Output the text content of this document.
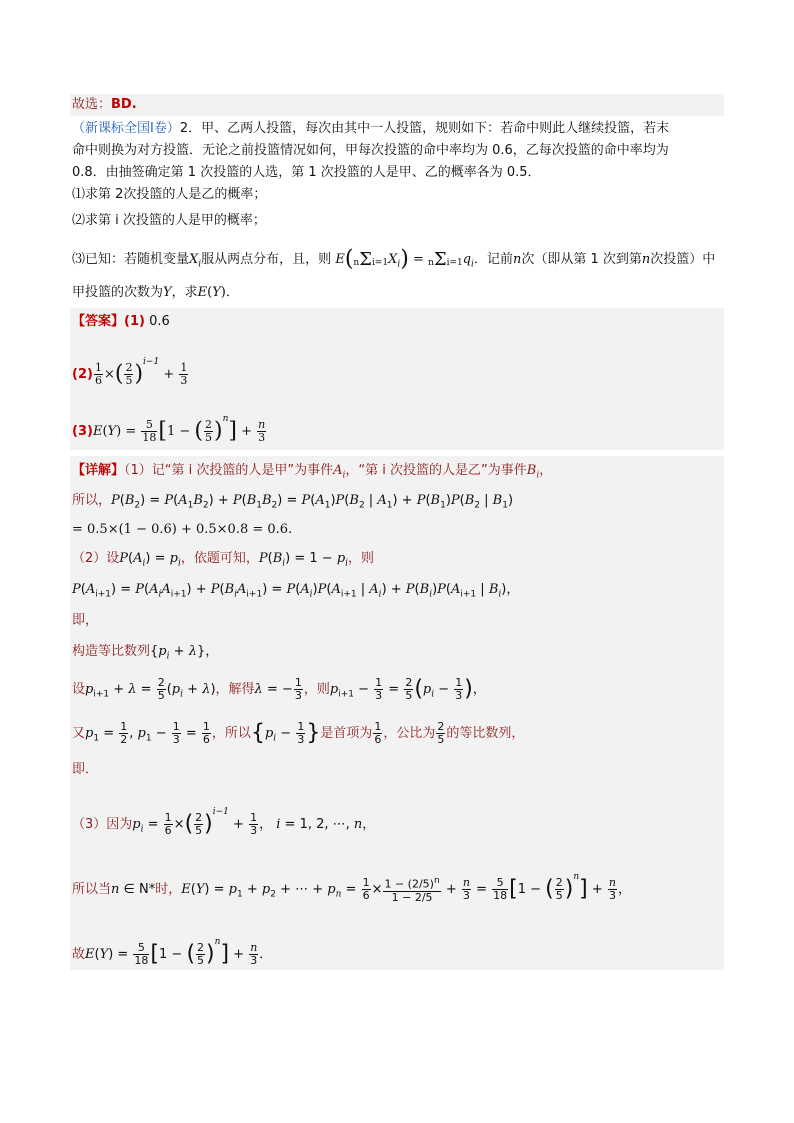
故选：BD.
（新课标全国Ⅰ卷）2．甲、乙两人投篮，每次由其中一人投篮，规则如下：若命中则此人继续投篮，若末
命中则换为对方投篮．无论之前投篮情况如何，甲每次投篮的命中率均为 0.6，乙每次投篮的命中率均为
0.8．由抽签确定第 1 次投篮的人选，第 1 次投篮的人是甲、乙的概率各为 0.5．
⑴求第 2次投篮的人是乙的概率；
⑵求第 i 次投篮的人是甲的概率；
⑶已知：若随机变量$X_i$服从两点分布，且，则 $E(n\Sigma i=1X_i) = n\Sigma i=1q_i$．记前n次（即从第 1 次到第n次投篮）中
甲投篮的次数为Y，求E(Y)．
【答案】(1) 0.6
$(2) \frac{1}{6}$ ×( $\frac{2}{5} )^{i-1} + \frac{1}{3}$
$(3)E(Y) = \frac{5}{18} [1$ − ( $\frac{2}{5} )^n] + \frac{n}{3}$
【详解】（1）记“第 i 次投篮的人是甲”为事件$A_i$，“第 i 次投篮的人是乙”为事件$B_i$，
所以，$P(B_2) = P(A_1B_2) + P(B_1B_2) = P(A_1)P(B_2$ | $A_1) + P(B_1)P(B_2$ | $B_1$)
= 0.5×(1 − 0.6) + 0.5×0.8 = 0.6.
（2）设$P(A_i) = p_i$，依题可知，$P(B_i) = 1 - p_i$，则
$P(A_{i+1}) = P(A_iA_{i+1}) + P(B_iA_{i+1}) = P(A_i)P(A_{i+1}$ | $A_i) + P(B_i)P(A_{i+1}$ | $B_i$)，
即，
构造等比数列$\{p_i + \lambda\}$，
设$p_{i+1} + \lambda = \frac{2}{5} (p_i + \lambda)$，解得λ = − $\frac{1}{3}$ ，则$p_{i+1} - \frac{1}{3} = \frac{2}{5} (p_i - \frac{1}{3}$ )，
又$p_1 = \frac{1}{2}$ , $p_1 - \frac{1}{3} = \frac{1}{6}$ ，所以{$p_i - \frac{1}{3}$ }是首项为 $\frac{1}{6}$ ，公比为 $\frac{2}{5}$ 的等比数列，
即．
（3）因为$p_i = \frac{1}{6}$ ×( $\frac{2}{5} )^{i-1} + \frac{1}{3}$ ， i = 1, 2, ⋯, n，
所以当n ∈ N*时，$E(Y) = p_1 + p_2$ + ⋯ + $p_n = \frac{1}{6} \times \frac{1 - (2/5)^n}{1 - 2/5} + \frac{n}{3} = \frac{5}{18} [1$ − ( $\frac{2}{5} )^n] + \frac{n}{3}$ ，
故$E(Y) = \frac{5}{18} [1$ − ( $\frac{2}{5} )^n] + \frac{n}{3}$ ．
